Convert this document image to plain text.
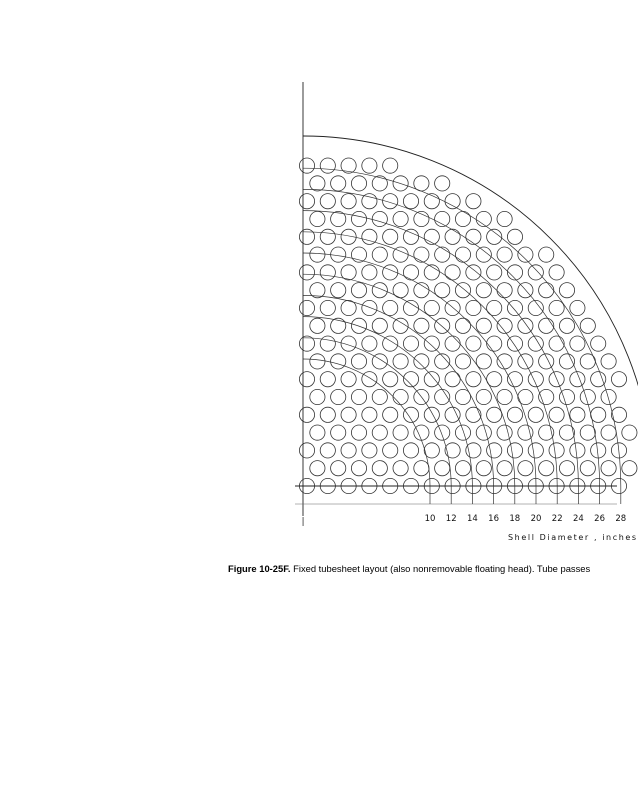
10 12 14 16 18 20 22 24 26 28
|
Shell Diameter , inches
Figure 10-25F. Fixed tubesheet layout (also nonremovable floating head). Tube passes
